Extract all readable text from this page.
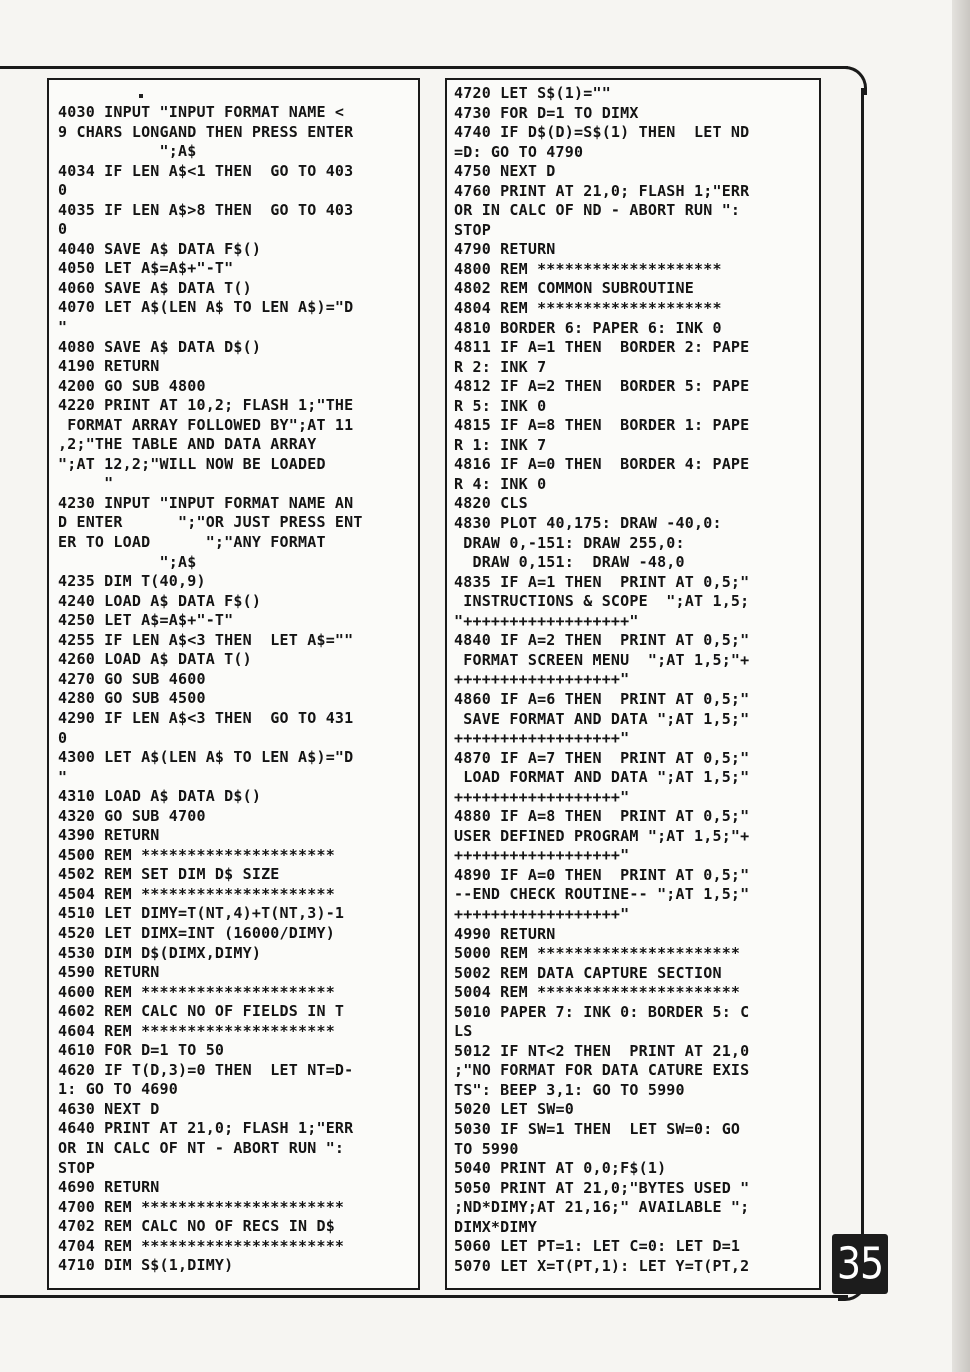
4030 INPUT "INPUT FORMAT NAME <
9 CHARS LONGAND THEN PRESS ENTER
";A$
4034 IF LEN A$<1 THEN  GO TO 403
0
4035 IF LEN A$>8 THEN  GO TO 403
0
4040 SAVE A$ DATA F$()
4050 LET A$=A$+"-T"
4060 SAVE A$ DATA T()
4070 LET A$(LEN A$ TO LEN A$)="D
"
4080 SAVE A$ DATA D$()
4190 RETURN
4200 GO SUB 4800
4220 PRINT AT 10,2; FLASH 1;"THE
FORMAT ARRAY FOLLOWED BY";AT 11
,2;"THE TABLE AND DATA ARRAY
";AT 12,2;"WILL NOW BE LOADED
"
4230 INPUT "INPUT FORMAT NAME AN
D ENTER      ";"OR JUST PRESS ENT
ER TO LOAD      ";"ANY FORMAT
";A$
4235 DIM T(40,9)
4240 LOAD A$ DATA F$()
4250 LET A$=A$+"-T"
4255 IF LEN A$<3 THEN  LET A$=""
4260 LOAD A$ DATA T()
4270 GO SUB 4600
4280 GO SUB 4500
4290 IF LEN A$<3 THEN  GO TO 431
0
4300 LET A$(LEN A$ TO LEN A$)="D
"
4310 LOAD A$ DATA D$()
4320 GO SUB 4700
4390 RETURN
4500 REM *********************
4502 REM SET DIM D$ SIZE
4504 REM *********************
4510 LET DIMY=T(NT,4)+T(NT,3)-1
4520 LET DIMX=INT (16000/DIMY)
4530 DIM D$(DIMX,DIMY)
4590 RETURN
4600 REM *********************
4602 REM CALC NO OF FIELDS IN T
4604 REM *********************
4610 FOR D=1 TO 50
4620 IF T(D,3)=0 THEN  LET NT=D-
1: GO TO 4690
4630 NEXT D
4640 PRINT AT 21,0; FLASH 1;"ERR
OR IN CALC OF NT - ABORT RUN ":
STOP
4690 RETURN
4700 REM **********************
4702 REM CALC NO OF RECS IN D$
4704 REM **********************
4710 DIM S$(1,DIMY)
4720 LET S$(1)=""
4730 FOR D=1 TO DIMX
4740 IF D$(D)=S$(1) THEN  LET ND
=D: GO TO 4790
4750 NEXT D
4760 PRINT AT 21,0; FLASH 1;"ERR
OR IN CALC OF ND - ABORT RUN ":
STOP
4790 RETURN
4800 REM ********************
4802 REM COMMON SUBROUTINE
4804 REM ********************
4810 BORDER 6: PAPER 6: INK 0
4811 IF A=1 THEN  BORDER 2: PAPE
R 2: INK 7
4812 IF A=2 THEN  BORDER 5: PAPE
R 5: INK 0
4815 IF A=8 THEN  BORDER 1: PAPE
R 1: INK 7
4816 IF A=0 THEN  BORDER 4: PAPE
R 4: INK 0
4820 CLS
4830 PLOT 40,175: DRAW -40,0:
DRAW 0,-151: DRAW 255,0:
DRAW 0,151:  DRAW -48,0
4835 IF A=1 THEN  PRINT AT 0,5;"
INSTRUCTIONS & SCOPE  ";AT 1,5;
"++++++++++++++++++"
4840 IF A=2 THEN  PRINT AT 0,5;"
FORMAT SCREEN MENU  ";AT 1,5;"+
++++++++++++++++++"
4860 IF A=6 THEN  PRINT AT 0,5;"
SAVE FORMAT AND DATA ";AT 1,5;"
++++++++++++++++++"
4870 IF A=7 THEN  PRINT AT 0,5;"
LOAD FORMAT AND DATA ";AT 1,5;"
++++++++++++++++++"
4880 IF A=8 THEN  PRINT AT 0,5;"
USER DEFINED PROGRAM ";AT 1,5;"+
++++++++++++++++++"
4890 IF A=0 THEN  PRINT AT 0,5;"
--END CHECK ROUTINE-- ";AT 1,5;"
++++++++++++++++++"
4990 RETURN
5000 REM **********************
5002 REM DATA CAPTURE SECTION
5004 REM **********************
5010 PAPER 7: INK 0: BORDER 5: C
LS
5012 IF NT<2 THEN  PRINT AT 21,0
;"NO FORMAT FOR DATA CATURE EXIS
TS": BEEP 3,1: GO TO 5990
5020 LET SW=0
5030 IF SW=1 THEN  LET SW=0: GO
TO 5990
5040 PRINT AT 0,0;F$(1)
5050 PRINT AT 21,0;"BYTES USED "
;ND*DIMY;AT 21,16;" AVAILABLE ";
DIMX*DIMY
5060 LET PT=1: LET C=0: LET D=1
5070 LET X=T(PT,1): LET Y=T(PT,2 35
